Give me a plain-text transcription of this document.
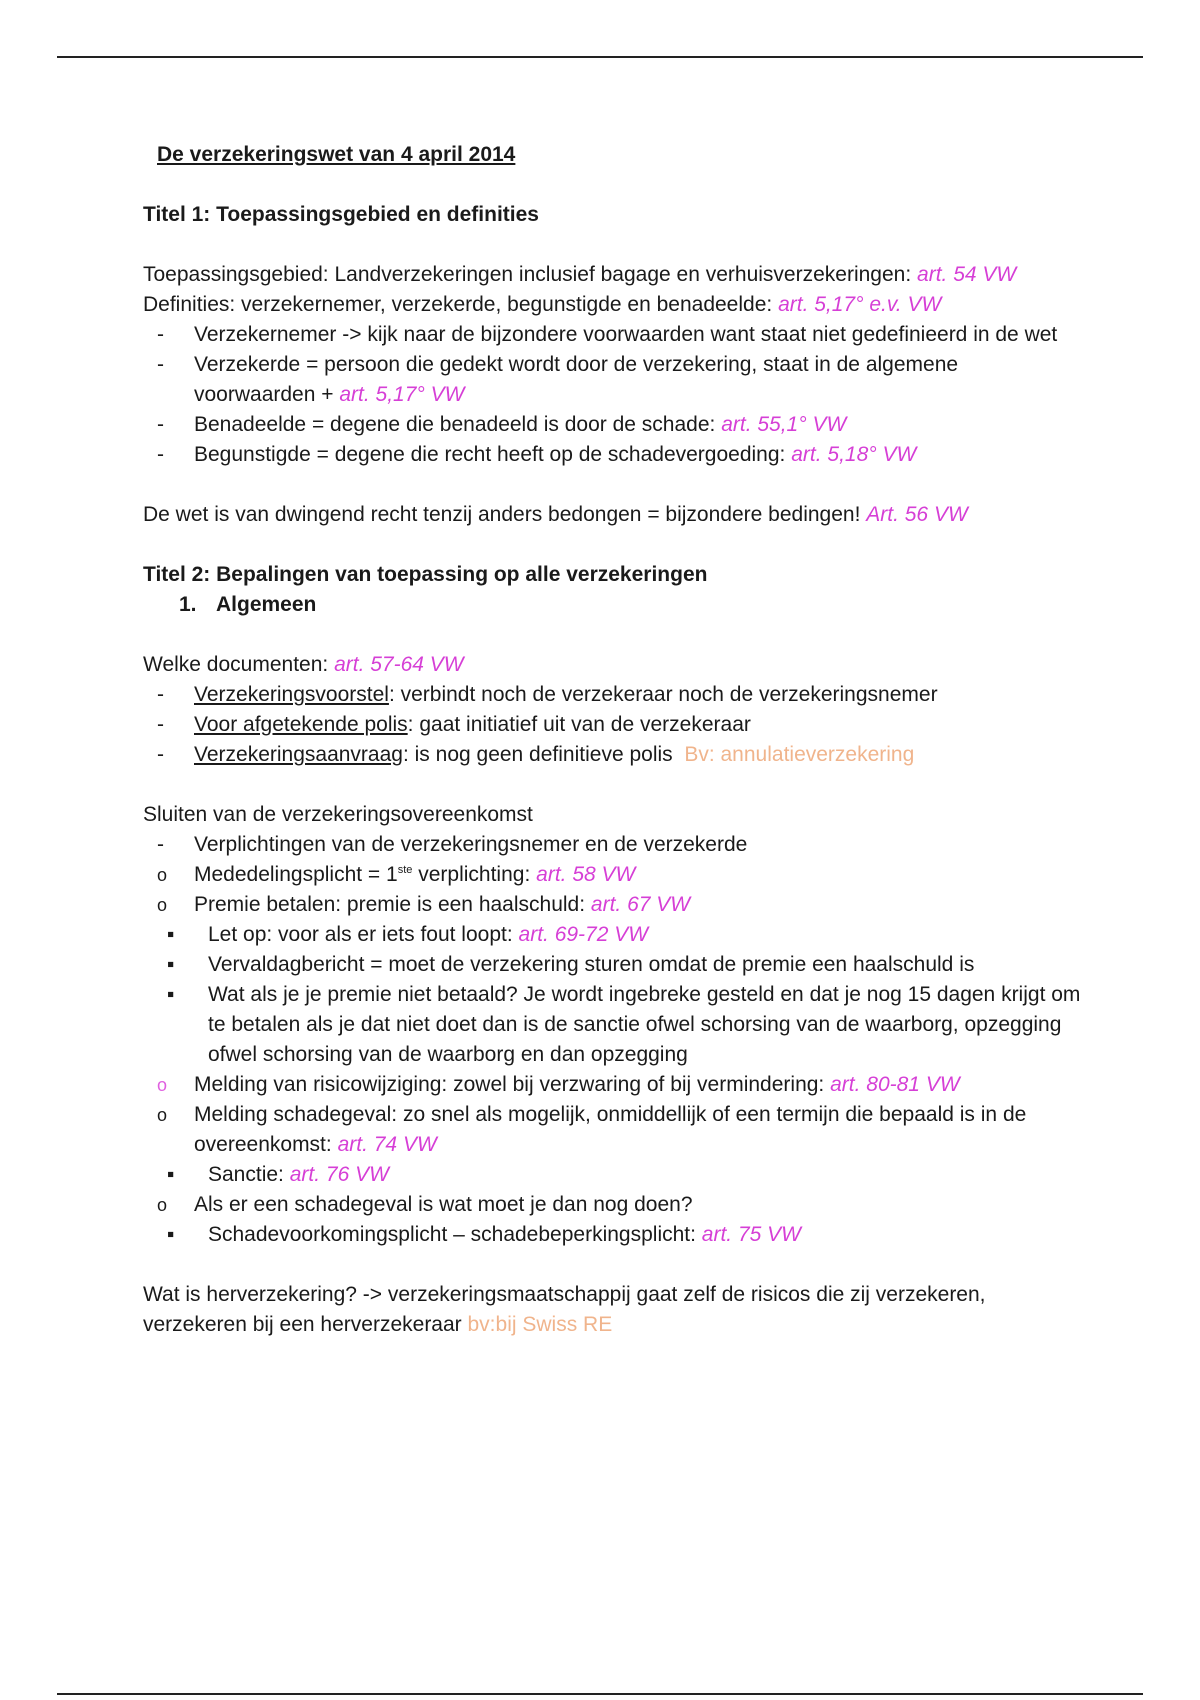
De verzekeringswet van 4 april 2014
Titel 1: Toepassingsgebied en definities
Toepassingsgebied: Landverzekeringen inclusief bagage en verhuisverzekeringen: art. 54 VW
Definities: verzekernemer, verzekerde, begunstigde en benadeelde: art. 5,17° e.v. VW
- Verzekernemer -> kijk naar de bijzondere voorwaarden want staat niet gedefinieerd in de wet
- Verzekerde = persoon die gedekt wordt door de verzekering, staat in de algemene voorwaarden + art. 5,17° VW
- Benadeelde = degene die benadeeld is door de schade: art. 55,1° VW
- Begunstigde = degene die recht heeft op de schadevergoeding: art. 5,18° VW
De wet is van dwingend recht tenzij anders bedongen = bijzondere bedingen! Art. 56 VW
Titel 2: Bepalingen van toepassing op alle verzekeringen
1. Algemeen
Welke documenten: art. 57-64 VW
- Verzekeringsvoorstel: verbindt noch de verzekeraar noch de verzekeringsnemer
- Voor afgetekende polis: gaat initiatief uit van de verzekeraar
- Verzekeringsaanvraag: is nog geen definitieve polis  Bv: annulatieverzekering
Sluiten van de verzekeringsovereenkomst
- Verplichtingen van de verzekeringsnemer en de verzekerde
o Mededelingsplicht = 1ste verplichting: art. 58 VW
o Premie betalen: premie is een haalschuld: art. 67 VW
▪ Let op: voor als er iets fout loopt: art. 69-72 VW
▪ Vervaldagbericht = moet de verzekering sturen omdat de premie een haalschuld is
▪ Wat als je je premie niet betaald? Je wordt ingebreke gesteld en dat je nog 15 dagen krijgt om te betalen als je dat niet doet dan is de sanctie ofwel schorsing van de waarborg, opzegging ofwel schorsing van de waarborg en dan opzegging
o Melding van risicowijziging: zowel bij verzwaring of bij vermindering: art. 80-81 VW
o Melding schadegeval: zo snel als mogelijk, onmiddellijk of een termijn die bepaald is in de overeenkomst: art. 74 VW
▪ Sanctie: art. 76 VW
o Als er een schadegeval is wat moet je dan nog doen?
▪ Schadevoorkomingsplicht – schadebeperkingsplicht: art. 75 VW
Wat is herverzekering? -> verzekeringsmaatschappij gaat zelf de risicos die zij verzekeren, verzekeren bij een herverzekeraar bv:bij Swiss RE
